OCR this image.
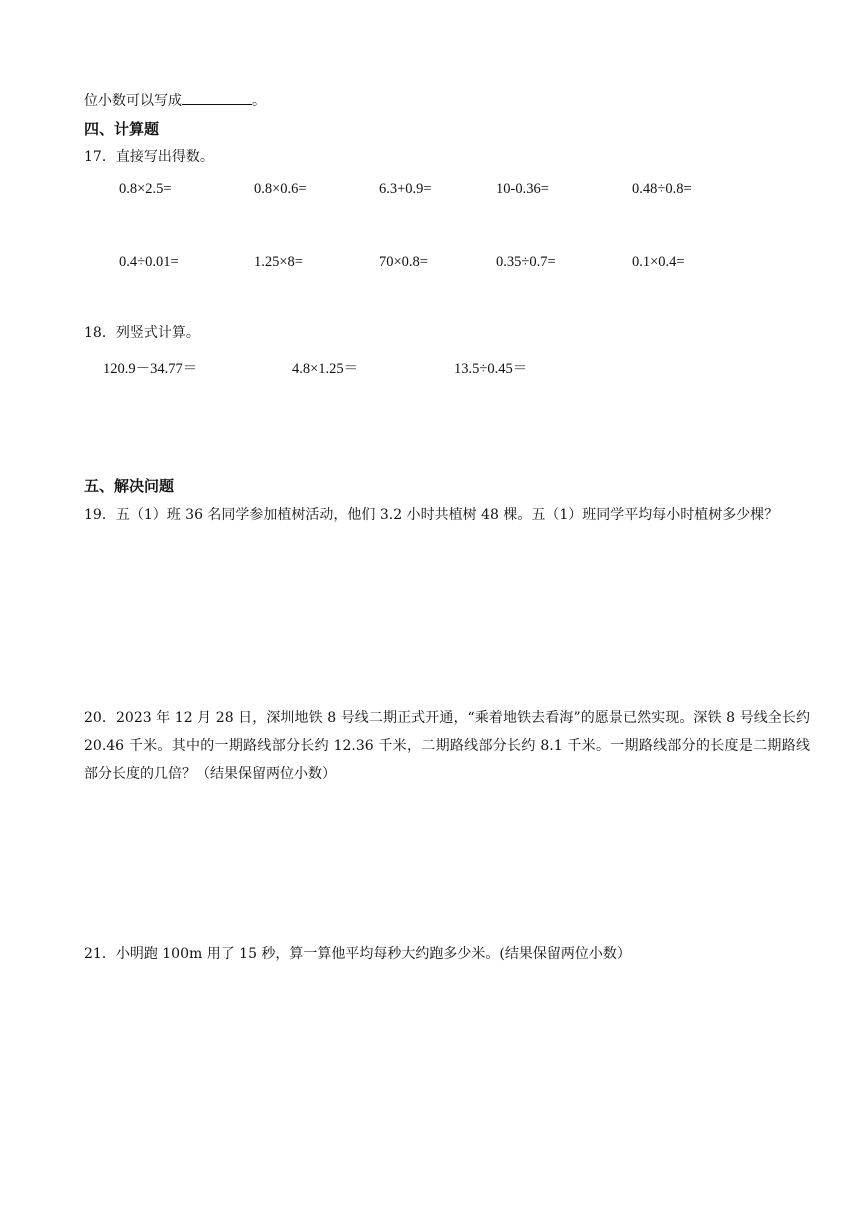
位小数可以写成	。
四、计算题
17．直接写出得数。
0.8×2.5=	0.8×0.6=	6.3+0.9=	10-0.36=	0.48÷0.8=
0.4÷0.01=	1.25×8=	70×0.8=	0.35÷0.7=	0.1×0.4=
18．列竖式计算。
120.9－34.77＝	4.8×1.25＝	13.5÷0.45＝
五、解决问题
19．五（1）班 36 名同学参加植树活动，他们 3.2 小时共植树 48 棵。五（1）班同学平均每小时植树多少棵？
20．2023 年 12 月 28 日，深圳地铁 8 号线二期正式开通，“乘着地铁去看海”的愿景已然实现。深铁 8 号线全长约 20.46 千米。其中的一期路线部分长约 12.36 千米，二期路线部分长约 8.1 千米。一期路线部分的长度是二期路线部分长度的几倍？（结果保留两位小数）
21．小明跑 100m 用了 15 秒，算一算他平均每秒大约跑多少米。(结果保留两位小数）
